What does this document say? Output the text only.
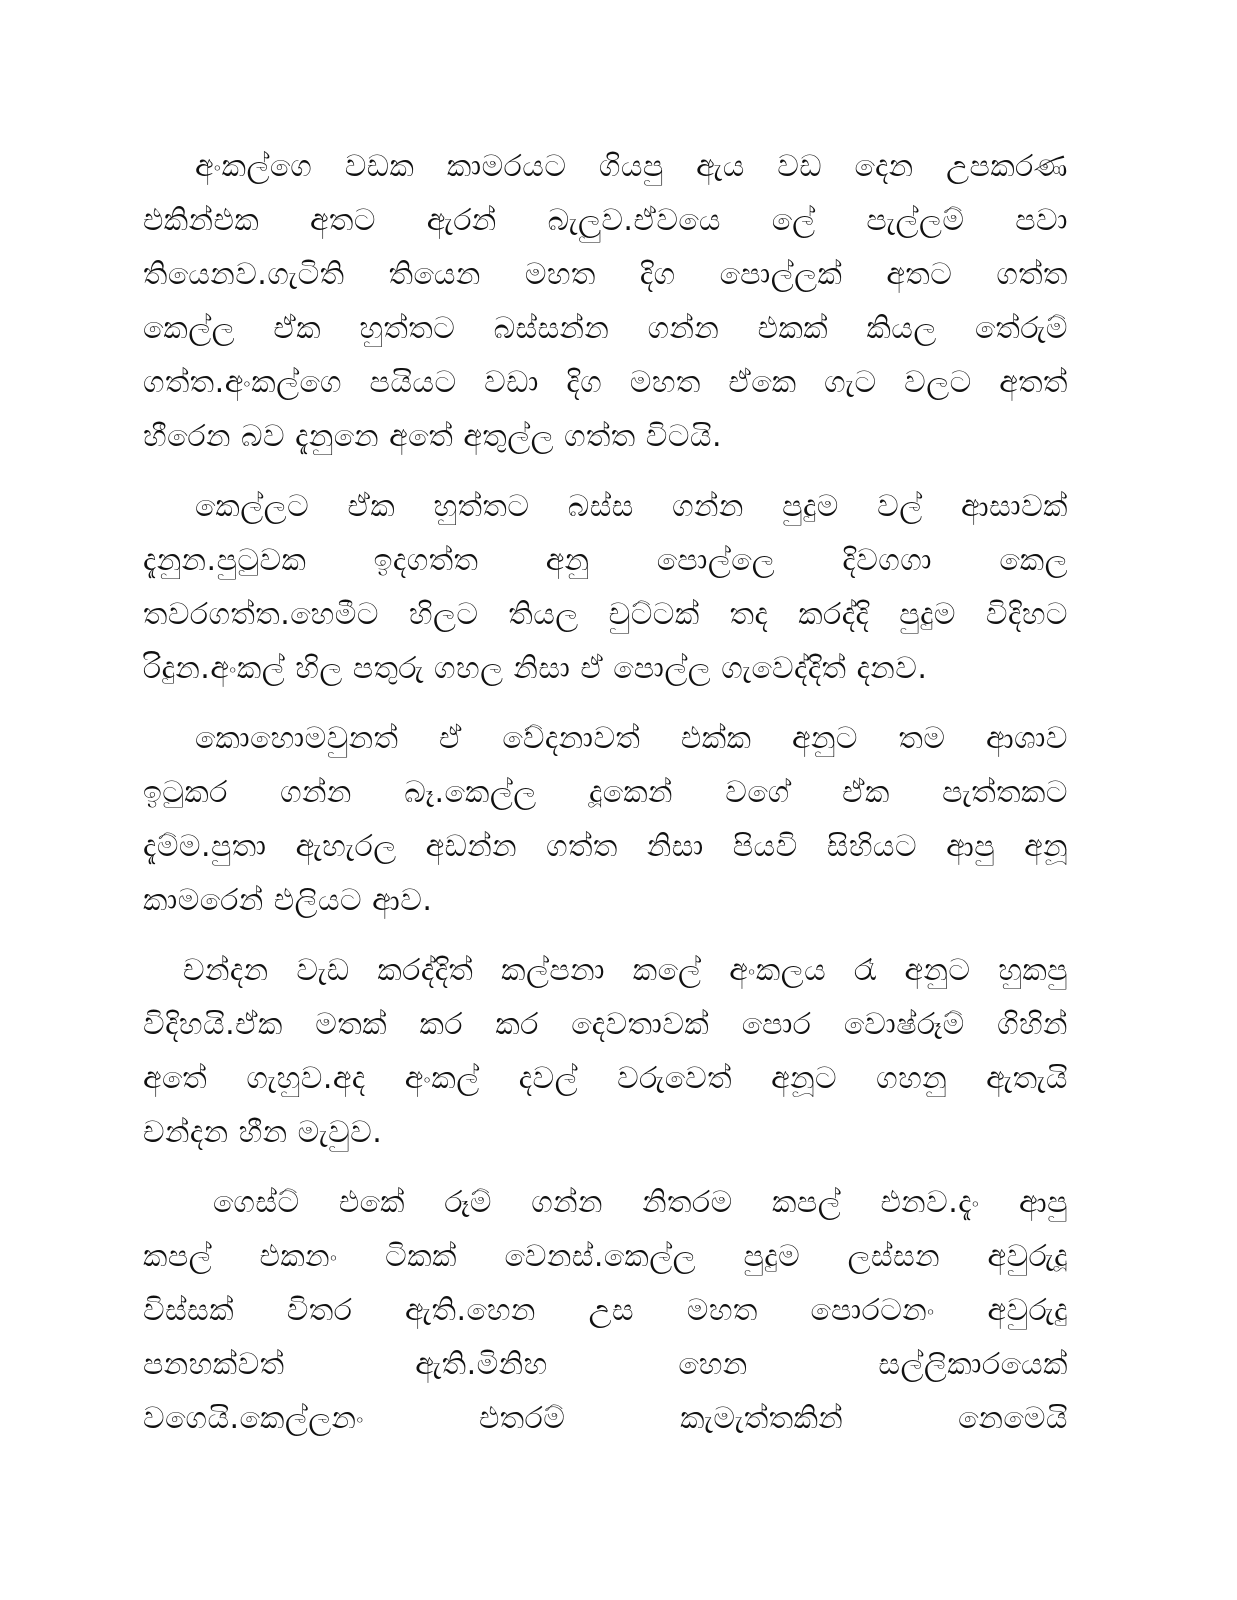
අංකල්ගෙ වඩක කාමරයට ගියපු ඇය වඩ දෙන උපකරණ
එකින්එක අතට ඇරන් බැලුව.ඒවයෙ ලේ පැල්ලම් පවා
තියෙනව.ගැටිති තියෙන මහත දිග පොල්ලක් අතට ගත්ත
කෙල්ල ඒක හුත්තට බස්සන්න ගන්න එකක් කියල තේරුම්
ගත්ත.අංකල්ගෙ පයියට වඩා දිග මහත ඒකෙ ගැට වලට අතත්
හීරෙන බව දැනුනෙ අතේ අතුල්ල ගත්ත විටයි.

කෙල්ලට ඒක හුත්තට බස්ස ගන්න පුදුම වල් ආසාවක්
දැනුන.පුටුවක ඉදගත්ත අනු පොල්ලෙ දිවගගා කෙල
තවරගත්ත.හෙමීට හිලට තියල චුට්ටක් තද කරද්දි පුදුම විදිහට
රිදුන.අංකල් හිල පතුරු ගහල නිසා ඒ පොල්ල ගැවෙද්දිත් දනව.

කොහොමවුනත් ඒ වේදනාවත් එක්ක අනුට තම ආශාව
ඉටුකර ගන්න බෑ.කෙල්ල දූකෙන් වගේ ඒක පැත්තකට
දැම්ම.පුතා ඇහැරල අඩන්න ගත්ත නිසා පියවි සිහියට ආපු අනූ
කාමරෙන් එලියට ආව.

චන්දන වැඩ කරද්දිත් කල්පනා කලේ අංකලය රෑ අනුට හුකපු
විදිහයි.ඒක මතක් කර කර දෙවතාවක් පොර වොෂ්රූම් ගිහින්
අතේ ගැහුව.අද අංකල් දවල් වරුවෙත් අනූට ගහනු ඇතැයි
චන්දන හීන මැවුව.

ගෙස්ට් එකේ රූම් ගන්න නිතරම කපල් එනව.දැං ආපු
කපල් එකනං ටිකක් වෙනස්.කෙල්ල පුදුම ලස්සන අවුරුදූ
විස්සක් විතර ඇති.හෙන උස මහත පොරටනං අවුරුදු
පනහක්වත් ඇති.මිනිහ හෙන සල්ලිකාරයෙක්
වගෙයි.කෙල්ලනං එතරම් කැමැත්තකින් නෙමෙයි
